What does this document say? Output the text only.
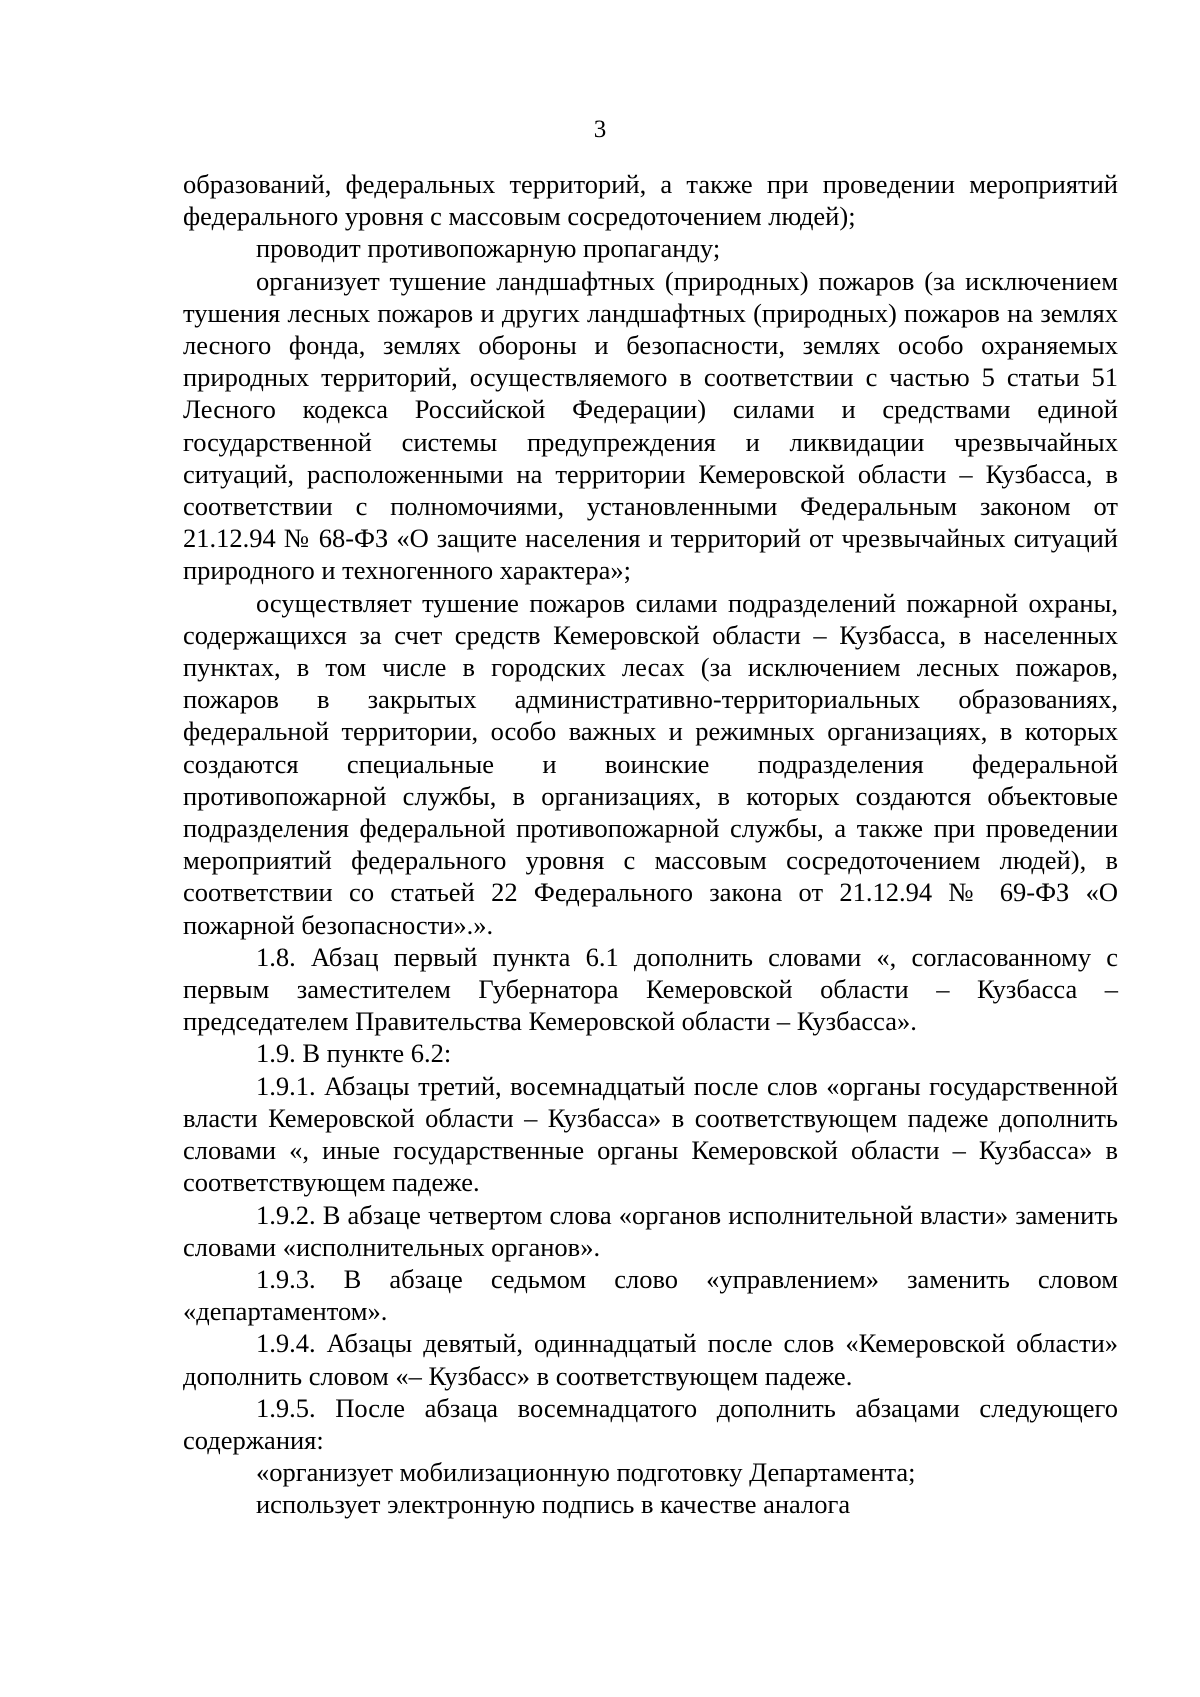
3

образований, федеральных территорий, а также при проведении мероприятий федерального уровня с массовым сосредоточением людей);

проводит противопожарную пропаганду;

организует тушение ландшафтных (природных) пожаров (за исключением тушения лесных пожаров и других ландшафтных (природных) пожаров на землях лесного фонда, землях обороны и безопасности, землях особо охраняемых природных территорий, осуществляемого в соответствии с частью 5 статьи 51 Лесного кодекса Российской Федерации) силами и средствами единой государственной системы предупреждения и ликвидации чрезвычайных ситуаций, расположенными на территории Кемеровской области – Кузбасса, в соответствии с полномочиями, установленными Федеральным законом от 21.12.94 № 68-ФЗ «О защите населения и территорий от чрезвычайных ситуаций природного и техногенного характера»;

осуществляет тушение пожаров силами подразделений пожарной охраны, содержащихся за счет средств Кемеровской области – Кузбасса, в населенных пунктах, в том числе в городских лесах (за исключением лесных пожаров, пожаров в закрытых административно-территориальных образованиях, федеральной территории, особо важных и режимных организациях, в которых создаются специальные и воинские подразделения федеральной противопожарной службы, в организациях, в которых создаются объектовые подразделения федеральной противопожарной службы, а также при проведении мероприятий федерального уровня с массовым сосредоточением людей), в соответствии со статьей 22 Федерального закона от 21.12.94 № 69-ФЗ «О пожарной безопасности».».

1.8. Абзац первый пункта 6.1 дополнить словами «, согласованному с первым заместителем Губернатора Кемеровской области – Кузбасса – председателем Правительства Кемеровской области – Кузбасса».

1.9. В пункте 6.2:

1.9.1. Абзацы третий, восемнадцатый после слов «органы государственной власти Кемеровской области – Кузбасса» в соответствующем падеже дополнить словами «, иные государственные органы Кемеровской области – Кузбасса» в соответствующем падеже.

1.9.2. В абзаце четвертом слова «органов исполнительной власти» заменить словами «исполнительных органов».

1.9.3. В абзаце седьмом слово «управлением» заменить словом «департаментом».

1.9.4. Абзацы девятый, одиннадцатый после слов «Кемеровской области» дополнить словом «– Кузбасс» в соответствующем падеже.

1.9.5. После абзаца восемнадцатого дополнить абзацами следующего содержания:

«организует мобилизационную подготовку Департамента;

использует электронную подпись в качестве аналога
